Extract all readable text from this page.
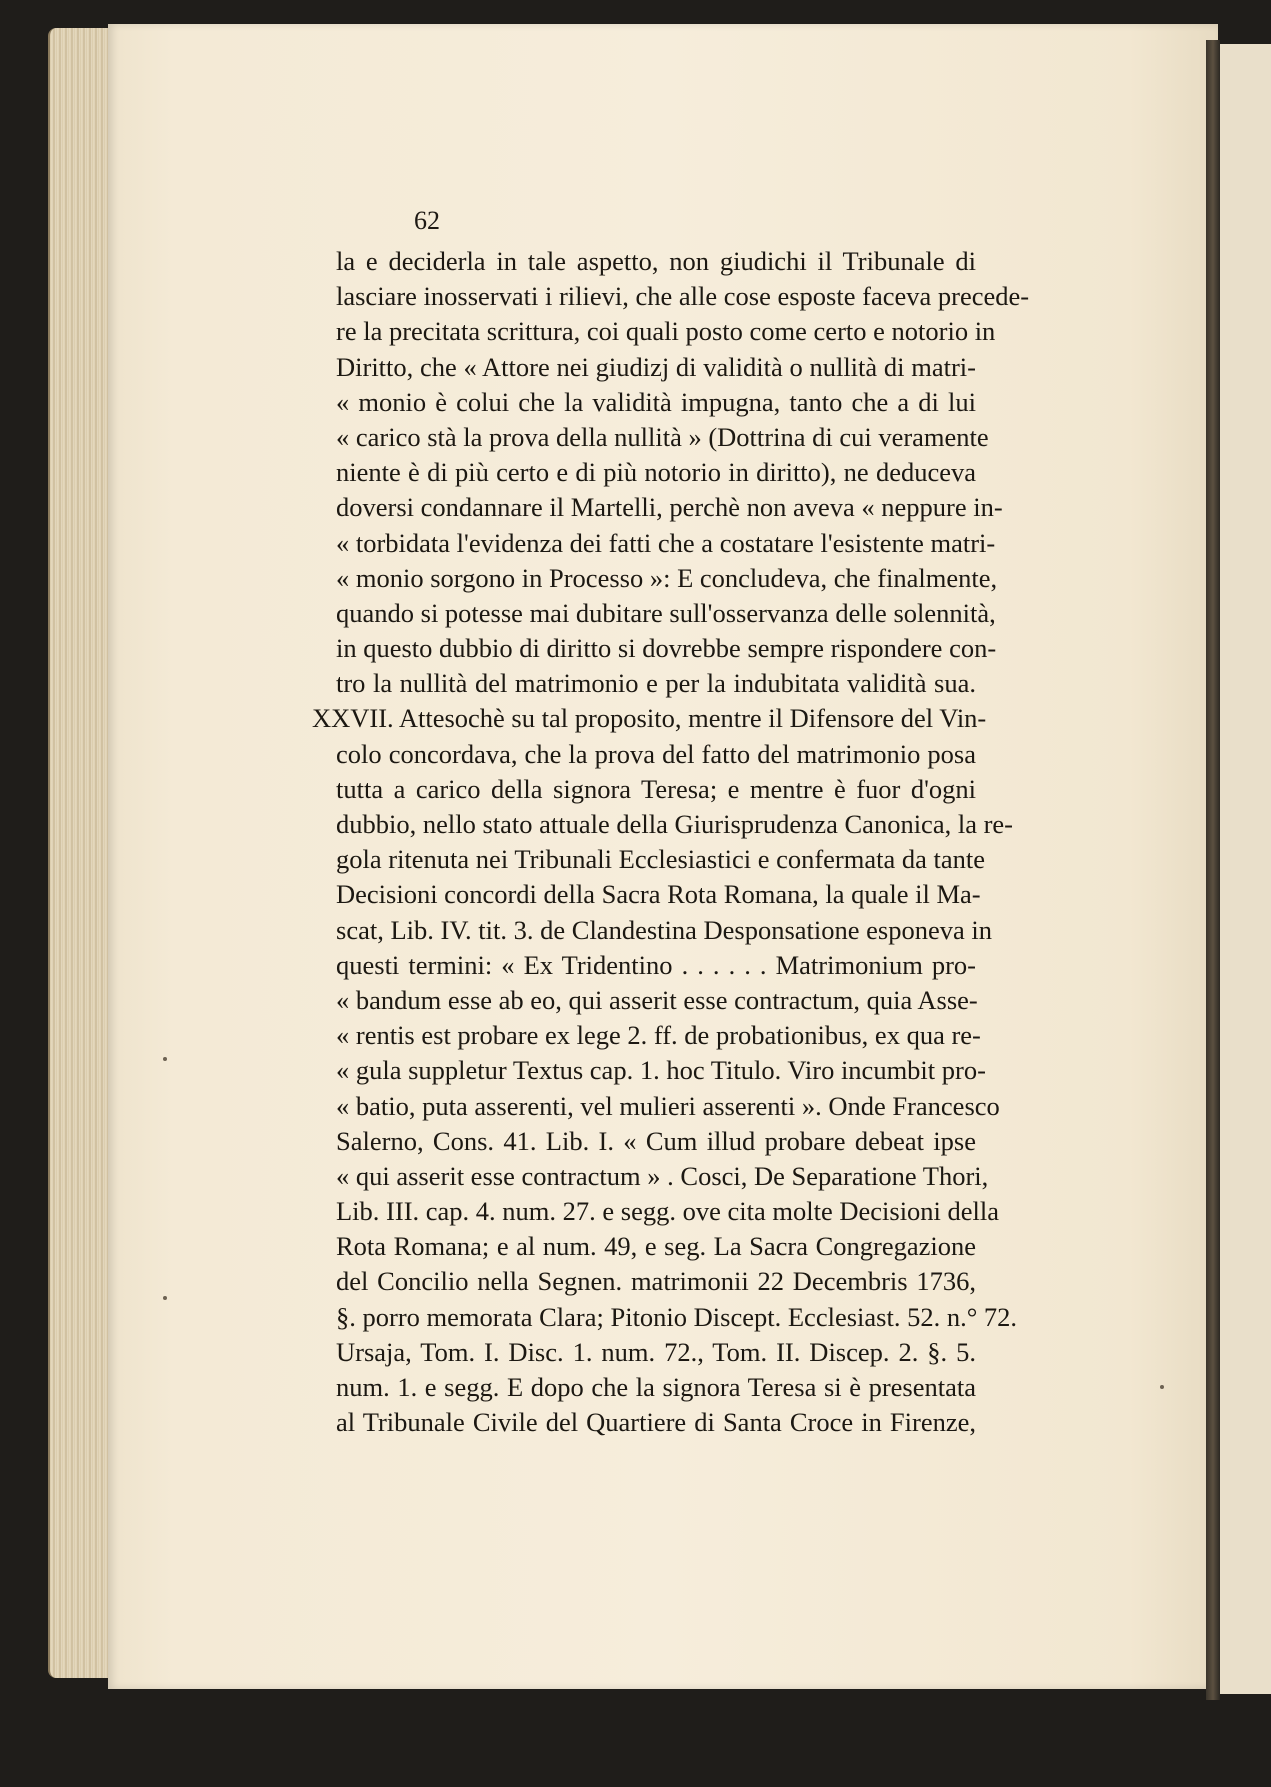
62
la e deciderla in tale aspetto, non giudichi il Tribunale di
lasciare inosservati i rilievi, che alle cose esposte faceva precede-
re la precitata scrittura, coi quali posto come certo e notorio in
Diritto, che « Attore nei giudizj di validità o nullità di matri-
« monio è colui che la validità impugna, tanto che a di lui
« carico stà la prova della nullità » (Dottrina di cui veramente
niente è di più certo e di più notorio in diritto), ne deduceva
doversi condannare il Martelli, perchè non aveva « neppure in-
« torbidata l'evidenza dei fatti che a costatare l'esistente matri-
« monio sorgono in Processo »: E concludeva, che finalmente,
quando si potesse mai dubitare sull'osservanza delle solennità,
in questo dubbio di diritto si dovrebbe sempre rispondere con-
tro la nullità del matrimonio e per la indubitata validità sua.
XXVII. Attesochè su tal proposito, mentre il Difensore del Vin-
colo concordava, che la prova del fatto del matrimonio posa
tutta a carico della signora Teresa; e mentre è fuor d'ogni
dubbio, nello stato attuale della Giurisprudenza Canonica, la re-
gola ritenuta nei Tribunali Ecclesiastici e confermata da tante
Decisioni concordi della Sacra Rota Romana, la quale il Ma-
scat, Lib. IV. tit. 3. de Clandestina Desponsatione esponeva in
questi termini: « Ex Tridentino . . . . . . Matrimonium pro-
« bandum esse ab eo, qui asserit esse contractum, quia Asse-
« rentis est probare ex lege 2. ff. de probationibus, ex qua re-
« gula suppletur Textus cap. 1. hoc Titulo. Viro incumbit pro-
« batio, puta asserenti, vel mulieri asserenti ». Onde Francesco
Salerno, Cons. 41. Lib. I. « Cum illud probare debeat ipse
« qui asserit esse contractum » . Cosci, De Separatione Thori,
Lib. III. cap. 4. num. 27. e segg. ove cita molte Decisioni della
Rota Romana; e al num. 49, e seg. La Sacra Congregazione
del Concilio nella Segnen. matrimonii 22 Decembris 1736,
§. porro memorata Clara; Pitonio Discept. Ecclesiast. 52. n.° 72.
Ursaja, Tom. I. Disc. 1. num. 72., Tom. II. Discep. 2. §. 5.
num. 1. e segg. E dopo che la signora Teresa si è presentata
al Tribunale Civile del Quartiere di Santa Croce in Firenze,
